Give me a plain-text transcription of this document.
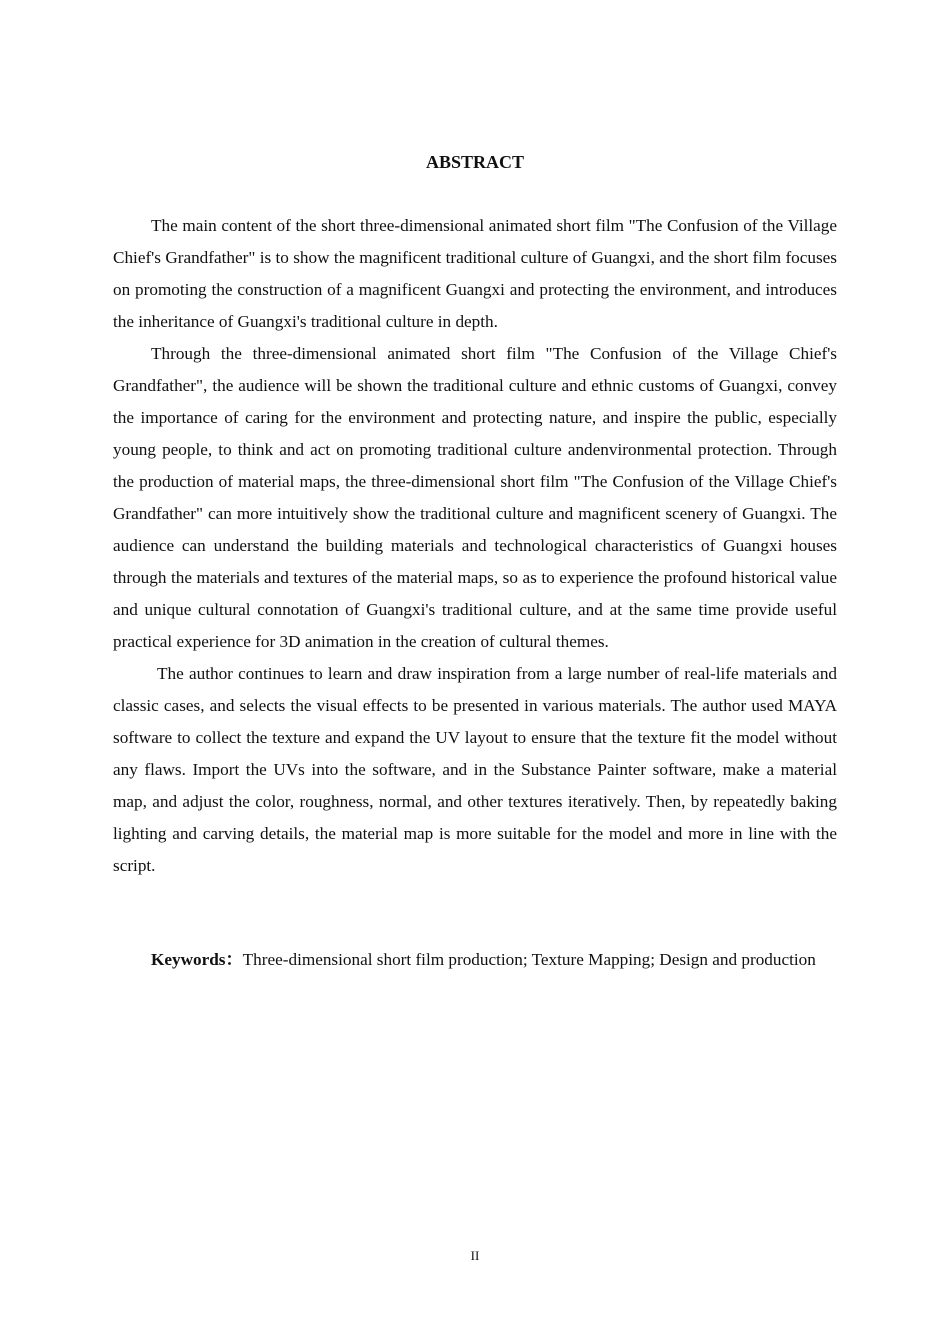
ABSTRACT

The main content of the short three-dimensional animated short film "The Confusion of the Village Chief's Grandfather" is to show the magnificent traditional culture of Guangxi, and the short film focuses on promoting the construction of a magnificent Guangxi and protecting the environment, and introduces the inheritance of Guangxi's traditional culture in depth.

Through the three-dimensional animated short film "The Confusion of the Village Chief's Grandfather", the audience will be shown the traditional culture and ethnic customs of Guangxi, convey the importance of caring for the environment and protecting nature, and inspire the public, especially young people, to think and act on promoting traditional culture andenvironmental protection. Through the production of material maps, the three-dimensional short film "The Confusion of the Village Chief's Grandfather" can more intuitively show the traditional culture and magnificent scenery of Guangxi. The audience can understand the building materials and technological characteristics of Guangxi houses through the materials and textures of the material maps, so as to experience the profound historical value and unique cultural connotation of Guangxi's traditional culture, and at the same time provide useful practical experience for 3D animation in the creation of cultural themes.

The author continues to learn and draw inspiration from a large number of real-life materials and classic cases, and selects the visual effects to be presented in various materials. The author used MAYA software to collect the texture and expand the UV layout to ensure that the texture fit the model without any flaws. Import the UVs into the software, and in the Substance Painter software, make a material map, and adjust the color, roughness, normal, and other textures iteratively. Then, by repeatedly baking lighting and carving details, the material map is more suitable for the model and more in line with the script.

Keywords：Three-dimensional short film production; Texture Mapping; Design and production

II
